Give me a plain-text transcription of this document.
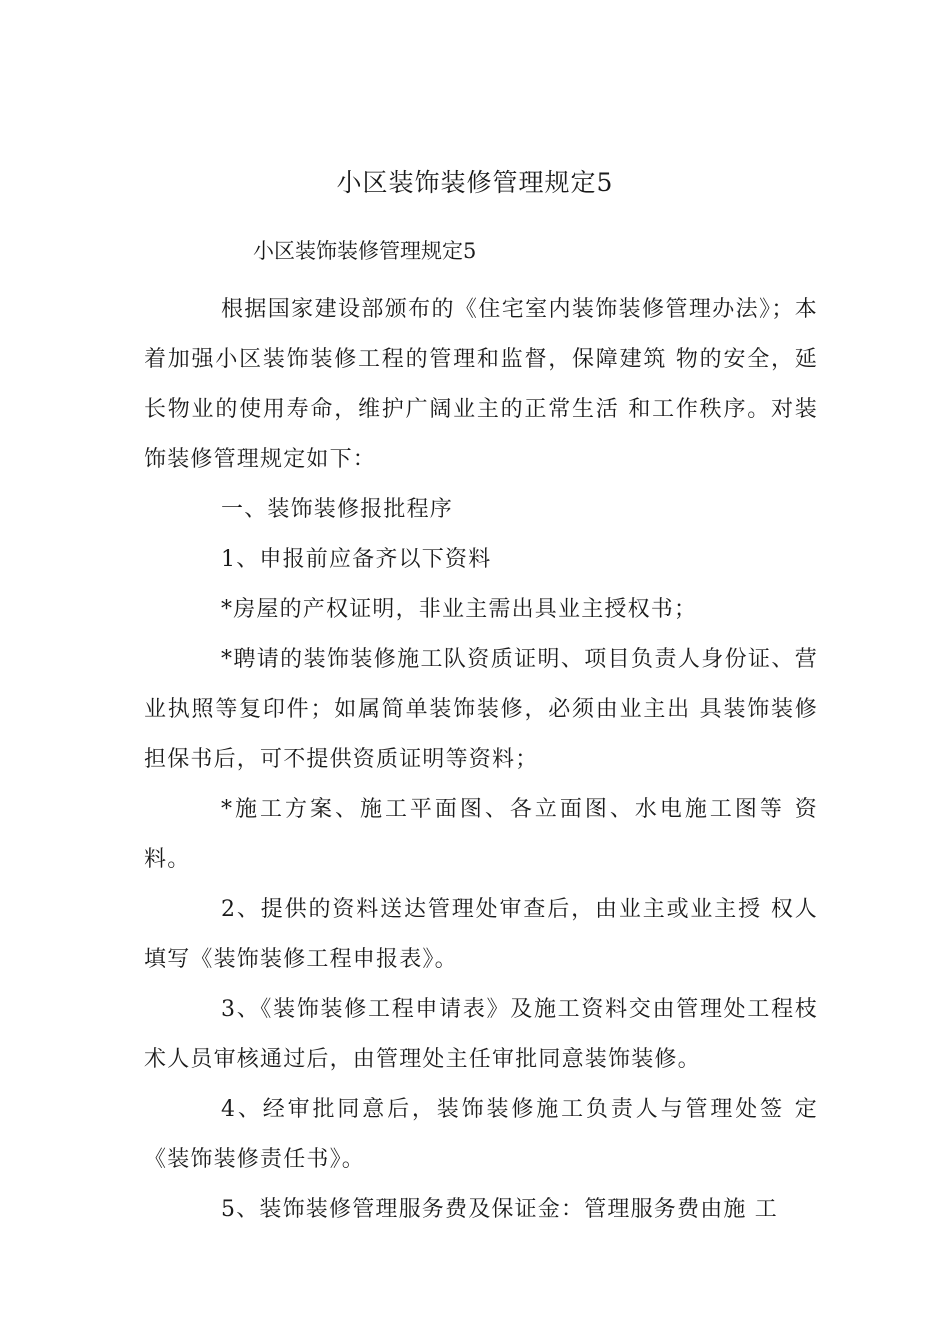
小区装饰装修管理规定5
小区装饰装修管理规定5

根据国家建设部颁布的《住宅室内装饰装修管理办法》；本着加强小区装饰装修工程的管理和监督，保障建筑 物的安全，延长物业的使用寿命，维护广阔业主的正常生活 和工作秩序。对装饰装修管理规定如下：

一、装饰装修报批程序

1、申报前应备齐以下资料

*房屋的产权证明，非业主需出具业主授权书；

*聘请的装饰装修施工队资质证明、项目负责人身份证、营业执照等复印件；如属简单装饰装修，必须由业主出 具装饰装修担保书后，可不提供资质证明等资料；

*施工方案、施工平面图、各立面图、水电施工图等 资料。

2、提供的资料送达管理处审查后，由业主或业主授 权人填写《装饰装修工程申报表》。

3、《装饰装修工程申请表》及施工资料交由管理处工程枝术人员审核通过后，由管理处主任审批同意装饰装修。

4、经审批同意后，装饰装修施工负责人与管理处签 定《装饰装修责任书》。

5、装饰装修管理服务费及保证金：管理服务费由施 工
